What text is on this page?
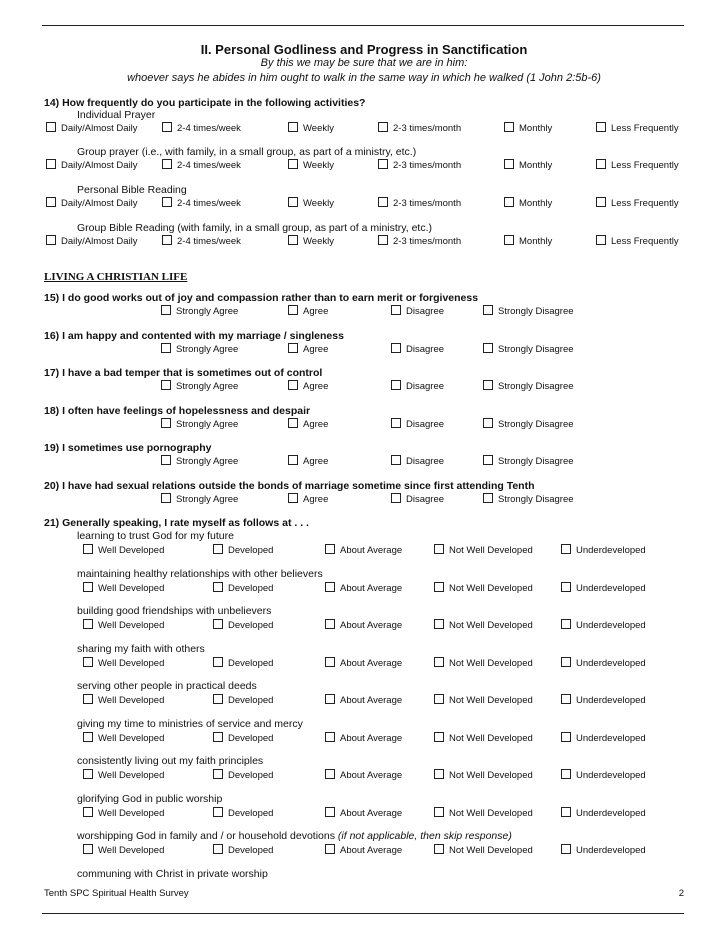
II. Personal Godliness and Progress in Sanctification
By this we may be sure that we are in him:
whoever says he abides in him ought to walk in the same way in which he walked (1 John 2:5b-6)
14) How frequently do you participate in the following activities?
Individual Prayer
Daily/Almost Daily	2-4 times/week	Weekly	2-3 times/month	Monthly	Less Frequently
Group prayer (i.e., with family, in a small group, as part of a ministry, etc.)
Daily/Almost Daily	2-4 times/week	Weekly	2-3 times/month	Monthly	Less Frequently
Personal Bible Reading
Daily/Almost Daily	2-4 times/week	Weekly	2-3 times/month	Monthly	Less Frequently
Group Bible Reading (with family, in a small group, as part of a ministry, etc.)
Daily/Almost Daily	2-4 times/week	Weekly	2-3 times/month	Monthly	Less Frequently
LIVING A CHRISTIAN LIFE
15) I do good works out of joy and compassion rather than to earn merit or forgiveness
Strongly Agree	Agree	Disagree	Strongly Disagree
16) I am happy and contented with my marriage / singleness
Strongly Agree	Agree	Disagree	Strongly Disagree
17) I have a bad temper that is sometimes out of control
Strongly Agree	Agree	Disagree	Strongly Disagree
18) I often have feelings of hopelessness and despair
Strongly Agree	Agree	Disagree	Strongly Disagree
19) I sometimes use pornography
Strongly Agree	Agree	Disagree	Strongly Disagree
20) I have had sexual relations outside the bonds of marriage sometime since first attending Tenth
Strongly Agree	Agree	Disagree	Strongly Disagree
21) Generally speaking, I rate myself as follows at . . .
learning to trust God for my future
Well Developed	Developed	About Average	Not Well Developed	Underdeveloped
maintaining healthy relationships with other believers
Well Developed	Developed	About Average	Not Well Developed	Underdeveloped
building good friendships with unbelievers
Well Developed	Developed	About Average	Not Well Developed	Underdeveloped
sharing my faith with others
Well Developed	Developed	About Average	Not Well Developed	Underdeveloped
serving other people in practical deeds
Well Developed	Developed	About Average	Not Well Developed	Underdeveloped
giving my time to ministries of service and mercy
Well Developed	Developed	About Average	Not Well Developed	Underdeveloped
consistently living out my faith principles
Well Developed	Developed	About Average	Not Well Developed	Underdeveloped
glorifying God in public worship
Well Developed	Developed	About Average	Not Well Developed	Underdeveloped
worshipping God in family and / or household devotions (if not applicable, then skip response)
Well Developed	Developed	About Average	Not Well Developed	Underdeveloped
communing with Christ in private worship
Tenth SPC Spiritual Health Survey	2
